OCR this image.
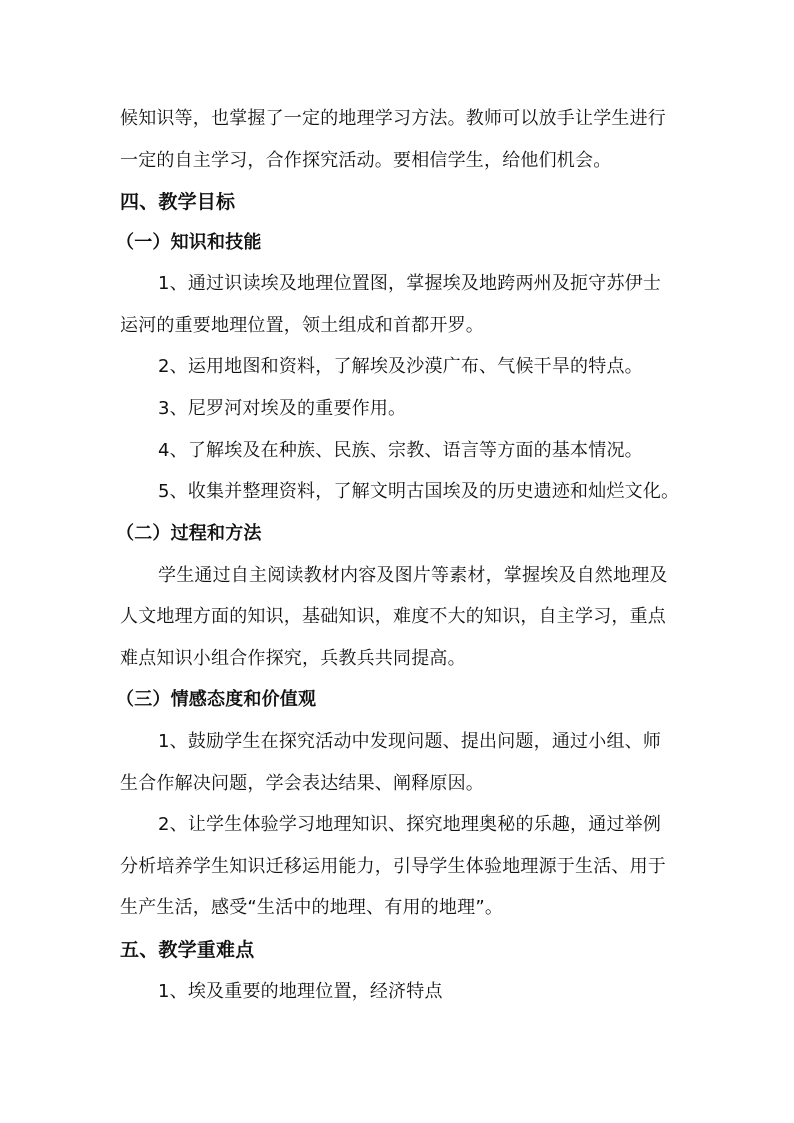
候知识等，也掌握了一定的地理学习方法。教师可以放手让学生进行
一定的自主学习，合作探究活动。要相信学生，给他们机会。
四、教学目标
（一）知识和技能
1、通过识读埃及地理位置图，掌握埃及地跨两州及扼守苏伊士
运河的重要地理位置，领土组成和首都开罗。
2、运用地图和资料，了解埃及沙漠广布、气候干旱的特点。
3、尼罗河对埃及的重要作用。
4、了解埃及在种族、民族、宗教、语言等方面的基本情况。
5、收集并整理资料，了解文明古国埃及的历史遗迹和灿烂文化。
（二）过程和方法
学生通过自主阅读教材内容及图片等素材，掌握埃及自然地理及
人文地理方面的知识，基础知识，难度不大的知识，自主学习，重点
难点知识小组合作探究，兵教兵共同提高。
（三）情感态度和价值观
1、鼓励学生在探究活动中发现问题、提出问题，通过小组、师
生合作解决问题，学会表达结果、阐释原因。
2、让学生体验学习地理知识、探究地理奥秘的乐趣，通过举例
分析培养学生知识迁移运用能力，引导学生体验地理源于生活、用于
生产生活，感受“生活中的地理、有用的地理”。
五、教学重难点
1、埃及重要的地理位置，经济特点
